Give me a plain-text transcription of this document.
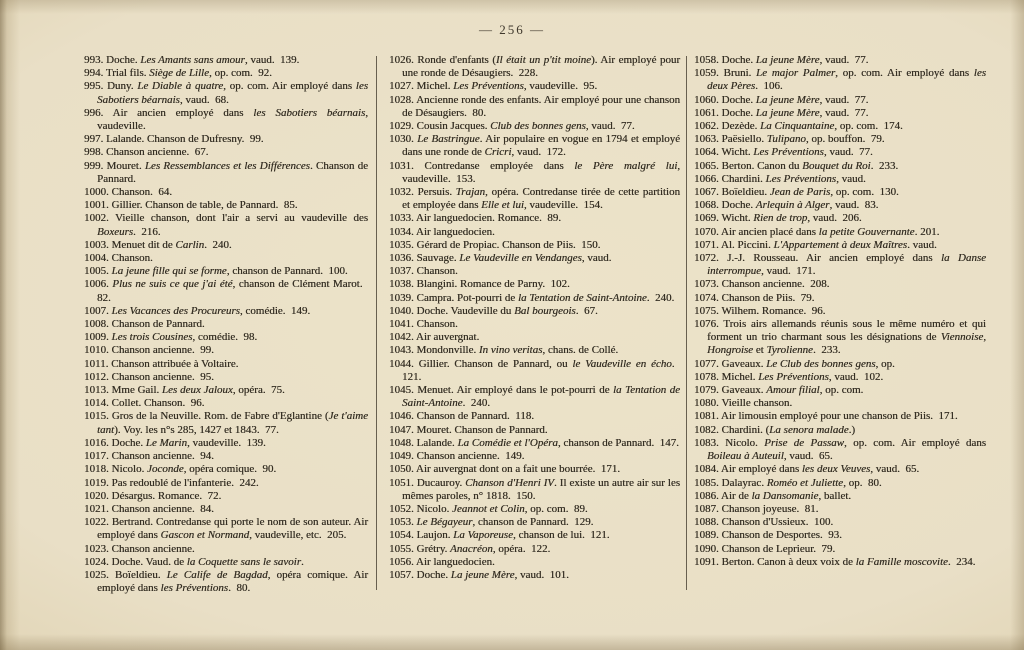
— 256 —
993. Doche. Les Amants sans amour, vaud. 139.
994. Trial fils. Siège de Lille, op. com. 92.
995. Duny. Le Diable à quatre, op. com. Air employé dans les Sabotiers béarnais, vaud. 68.
996. Air ancien employé dans les Sabotiers béarnais, vaudeville.
997. Lalande. Chanson de Dufresny. 99.
998. Chanson ancienne. 67.
999. Mouret. Les Ressemblances et les Différences. Chanson de Pannard.
1000. Chanson. 64.
1001. Gillier. Chanson de table, de Pannard. 85.
1002. Vieille chanson, dont l'air a servi au vaudeville des Boxeurs. 216.
1003. Menuet dit de Carlin. 240.
1004. Chanson.
1005. La jeune fille qui se forme, chanson de Pannard. 100.
1006. Plus ne suis ce que j'ai été, chanson de Clément Marot. 82.
1007. Les Vacances des Procureurs, comédie. 149.
1008. Chanson de Pannard.
1009. Les trois Cousines, comédie. 98.
1010. Chanson ancienne. 99.
1011. Chanson attribuée à Voltaire.
1012. Chanson ancienne. 95.
1013. Mme Gail. Les deux Jaloux, opéra. 75.
1014. Collet. Chanson. 96.
1015. Gros de la Neuville. Rom. de Fabre d'Eglantine (Je t'aime tant). Voy. les n°s 285, 1427 et 1843. 77.
1016. Doche. Le Marin, vaudeville. 139.
1017. Chanson ancienne. 94.
1018. Nicolo. Joconde, opéra comique. 90.
1019. Pas redoublé de l'infanterie. 242.
1020. Désargus. Romance. 72.
1021. Chanson ancienne. 84.
1022. Bertrand. Contredanse qui porte le nom de son auteur. Air employé dans Gascon et Normand, vaudeville, etc. 205.
1023. Chanson ancienne.
1024. Doche. Vaud. de la Coquette sans le savoir.
1025. Boïeldieu. Le Calife de Bagdad, opéra comique. Air employé dans les Préventions. 80.
1026. Ronde d'enfants (Il était un p'tit moine). Air employé pour une ronde de Désaugiers. 228.
1027. Michel. Les Préventions, vaudeville. 95.
1028. Ancienne ronde des enfants. Air employé pour une chanson de Désaugiers. 80.
1029. Cousin Jacques. Club des bonnes gens, vaud. 77.
1030. Le Bastringue. Air populaire en vogue en 1794 et employé dans une ronde de Cricri, vaud. 172.
1031. Contredanse employée dans le Père malgré lui, vaudeville. 153.
1032. Persuis. Trajan, opéra. Contredanse tirée de cette partition et employée dans Elle et lui, vaudeville. 154.
1033. Air languedocien. Romance. 89.
1034. Air languedocien.
1035. Gérard de Propiac. Chanson de Piis. 150.
1036. Sauvage. Le Vaudeville en Vendanges, vaud.
1037. Chanson.
1038. Blangini. Romance de Parny. 102.
1039. Campra. Pot-pourri de la Tentation de Saint-Antoine. 240.
1040. Doche. Vaudeville du Bal bourgeois. 67.
1041. Chanson.
1042. Air auvergnat.
1043. Mondonville. In vino veritas, chans. de Collé.
1044. Gillier. Chanson de Pannard, ou le Vaudeville en écho. 121.
1045. Menuet. Air employé dans le pot-pourri de la Tentation de Saint-Antoine. 240.
1046. Chanson de Pannard. 118.
1047. Mouret. Chanson de Pannard.
1048. Lalande. La Comédie et l'Opéra, chanson de Pannard. 147.
1049. Chanson ancienne. 149.
1050. Air auvergnat dont on a fait une bourrée. 171.
1051. Ducauroy. Chanson d'Henri IV. Il existe un autre air sur les mêmes paroles, n° 1818. 150.
1052. Nicolo. Jeannot et Colin, op. com. 89.
1053. Le Bégayeur, chanson de Pannard. 129.
1054. Laujon. La Vaporeuse, chanson de lui. 121.
1055. Grétry. Anacréon, opéra. 122.
1056. Air languedocien.
1057. Doche. La jeune Mère, vaud. 101.
1058. Doche. La jeune Mère, vaud. 77.
1059. Bruni. Le major Palmer, op. com. Air employé dans les deux Pères. 106.
1060. Doche. La jeune Mère, vaud. 77.
1061. Doche. La jeune Mère, vaud. 77.
1062. Dezède. La Cinquantaine, op. com. 174.
1063. Paësiello. Tulipano, op. bouffon. 79.
1064. Wicht. Les Préventions, vaud. 77.
1065. Berton. Canon du Bouquet du Roi. 233.
1066. Chardini. Les Préventions, vaud.
1067. Boïeldieu. Jean de Paris, op. com. 130.
1068. Doche. Arlequin à Alger, vaud. 83.
1069. Wicht. Rien de trop, vaud. 206.
1070. Air ancien placé dans la petite Gouvernante. 201.
1071. Al. Piccini. L'Appartement à deux Maîtres. vaud.
1072. J.-J. Rousseau. Air ancien employé dans la Danse interrompue, vaud. 171.
1073. Chanson ancienne. 208.
1074. Chanson de Piis. 79.
1075. Wilhem. Romance. 96.
1076. Trois airs allemands réunis sous le même numéro et qui forment un trio charmant sous les désignations de Viennoise, Hongroise et Tyrolienne. 233.
1077. Gaveaux. Le Club des bonnes gens, op.
1078. Michel. Les Préventions, vaud. 102.
1079. Gaveaux. Amour filial, op. com.
1080. Vieille chanson.
1081. Air limousin employé pour une chanson de Piis. 171.
1082. Chardini. (La senora malade.)
1083. Nicolo. Prise de Passaw, op. com. Air employé dans Boileau à Auteuil, vaud. 65.
1084. Air employé dans les deux Veuves, vaud. 65.
1085. Dalayrac. Roméo et Juliette, op. 80.
1086. Air de la Dansomanie, ballet.
1087. Chanson joyeuse. 81.
1088. Chanson d'Ussieux. 100.
1089. Chanson de Desportes. 93.
1090. Chanson de Leprieur. 79.
1091. Berton. Canon à deux voix de la Famille moscovite. 234.
